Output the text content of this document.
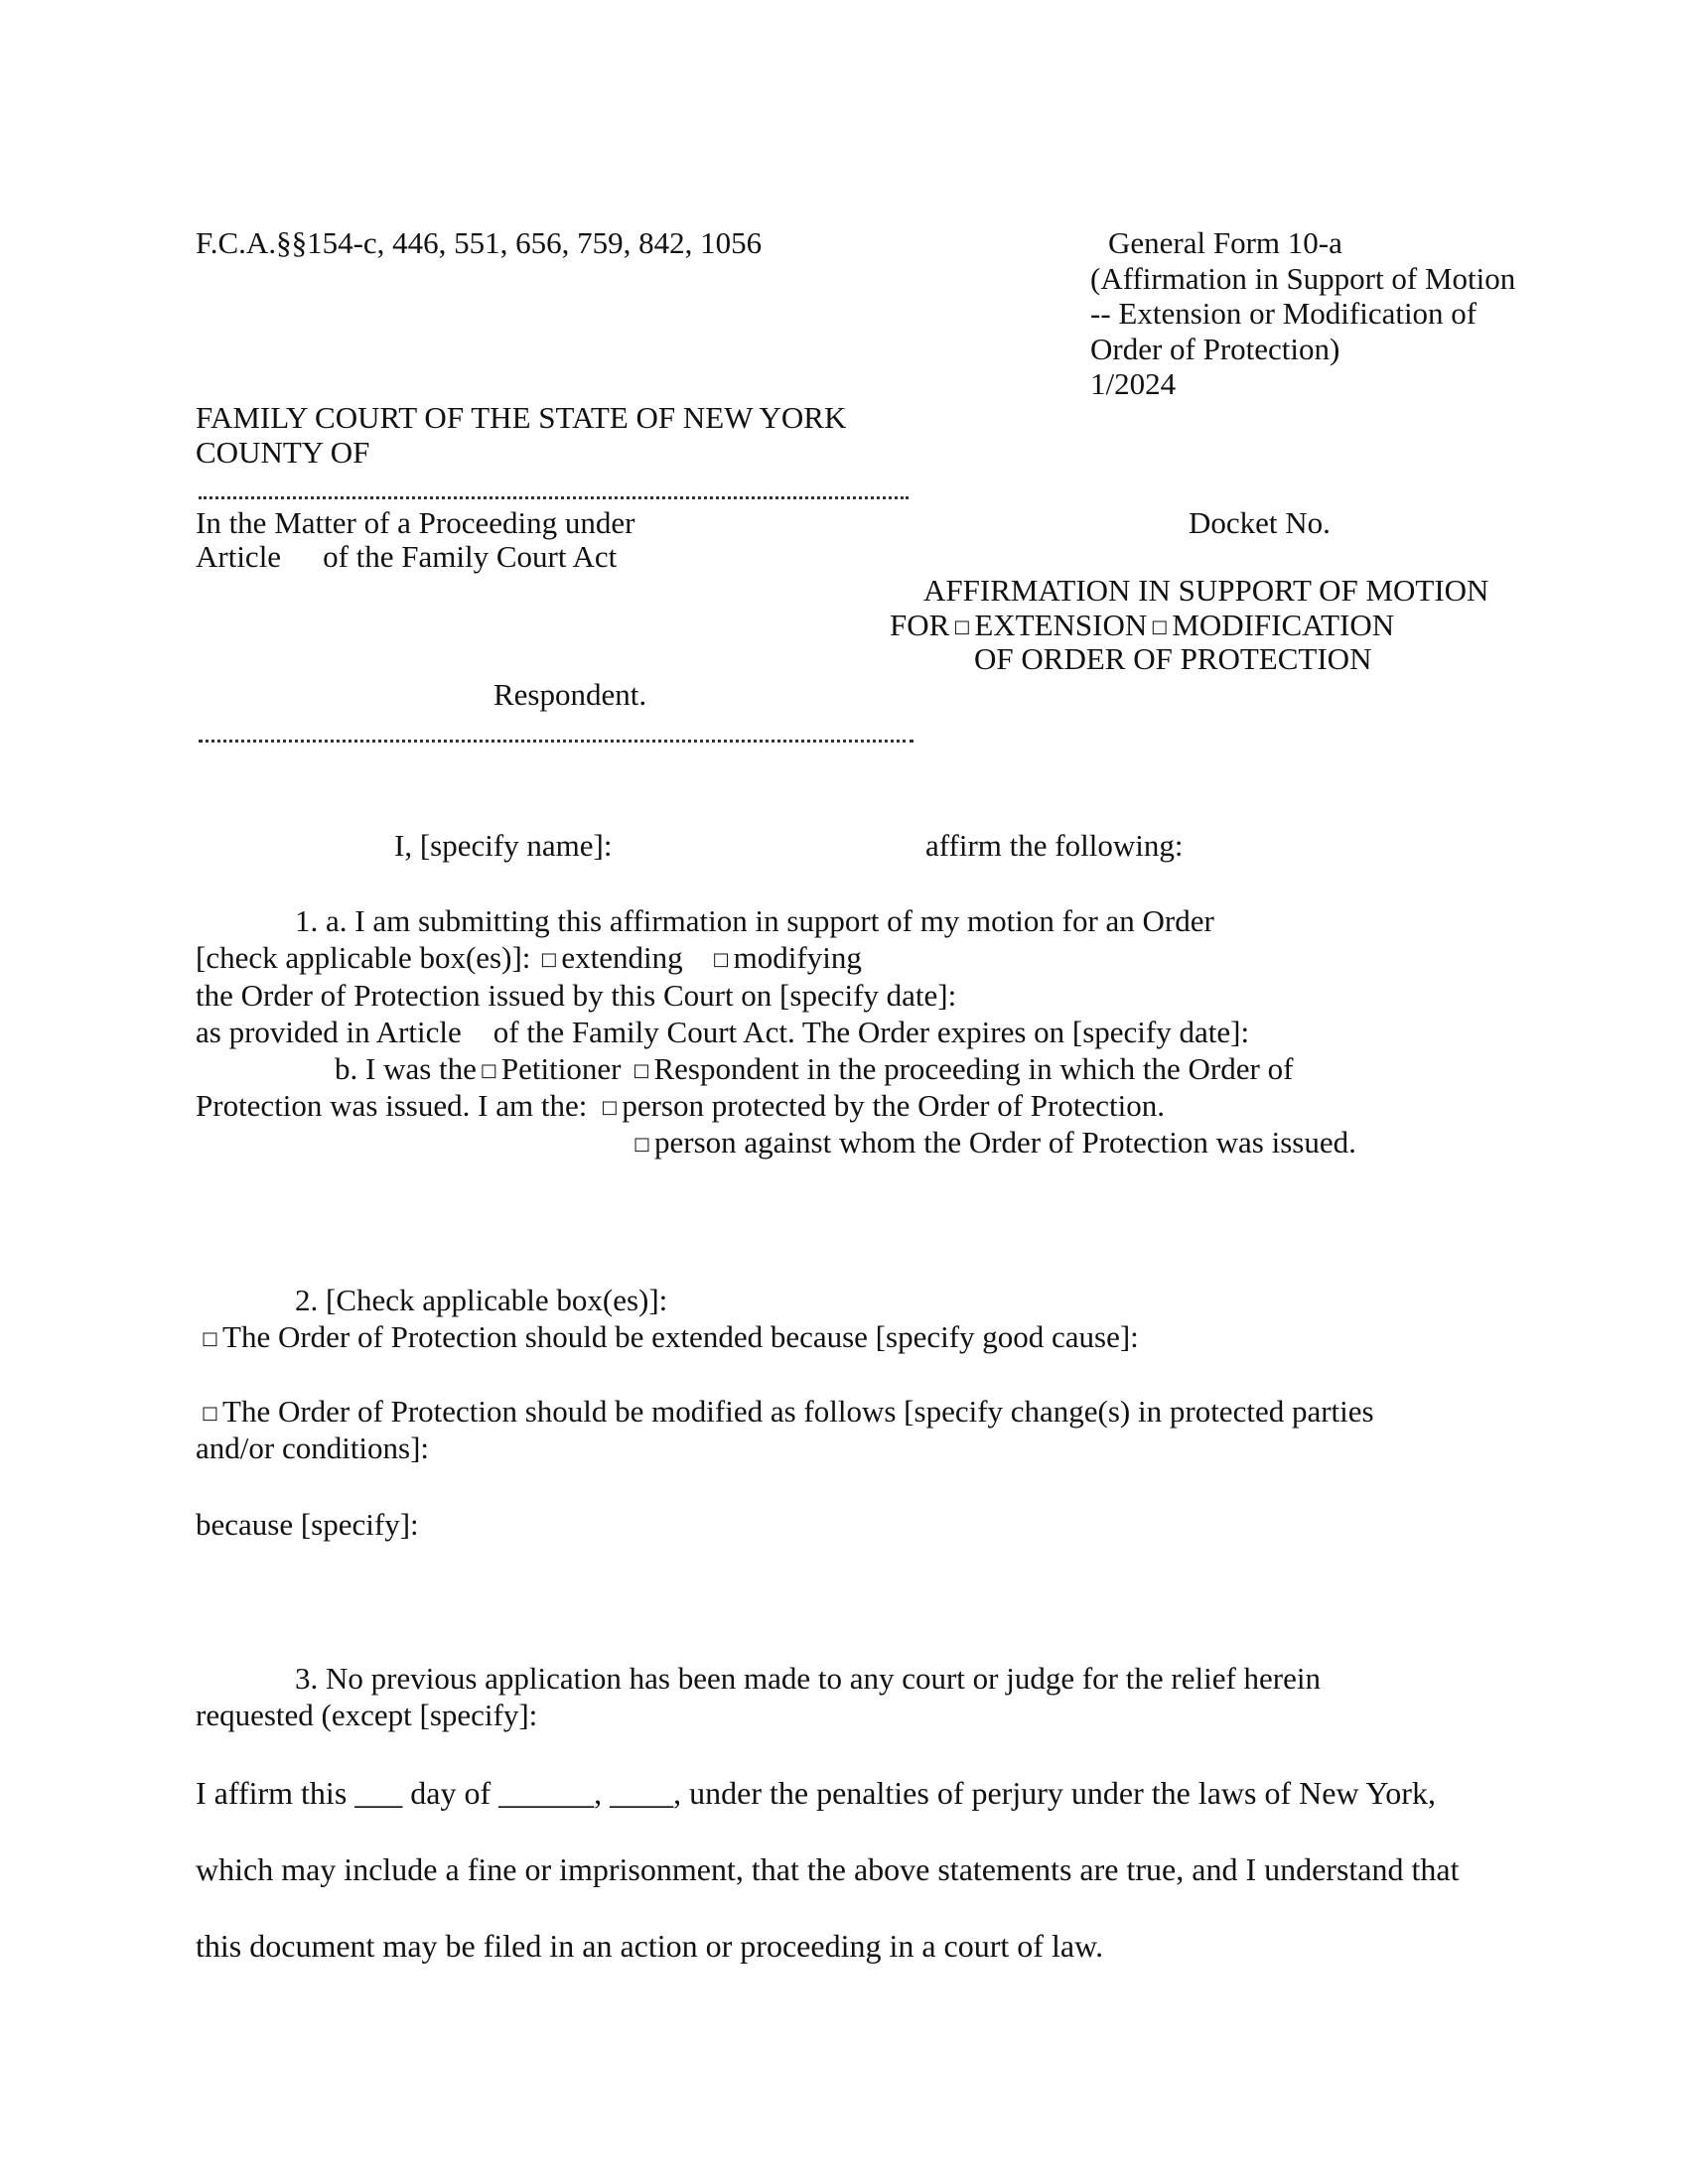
F.C.A.§§154-c, 446, 551, 656, 759, 842, 1056	General Form 10-a
(Affirmation in Support of Motion
-- Extension or Modification of
Order of Protection)
1/2024
FAMILY COURT OF THE STATE OF NEW YORK
COUNTY OF
In the Matter of a Proceeding under
Article of the Family Court Act
Docket No.
AFFIRMATION IN SUPPORT OF MOTION
FOR □ EXTENSION □ MODIFICATION
OF ORDER OF PROTECTION
Respondent.
I, [specify name]:	affirm the following:
1. a. I am submitting this affirmation in support of my motion for an Order
[check applicable box(es)]: □ extending □ modifying
the Order of Protection issued by this Court on [specify date]:
as provided in Article of the Family Court Act. The Order expires on [specify date]:
b. I was the □ Petitioner □ Respondent in the proceeding in which the Order of
Protection was issued. I am the: □ person protected by the Order of Protection.
□ person against whom the Order of Protection was issued.
2. [Check applicable box(es)]:
□ The Order of Protection should be extended because [specify good cause]:
□ The Order of Protection should be modified as follows [specify change(s) in protected parties
and/or conditions]:
because [specify]:
3. No previous application has been made to any court or judge for the relief herein
requested (except [specify]:
I affirm this ___ day of ______, ____, under the penalties of perjury under the laws of New York,
which may include a fine or imprisonment, that the above statements are true, and I understand that
this document may be filed in an action or proceeding in a court of law.
